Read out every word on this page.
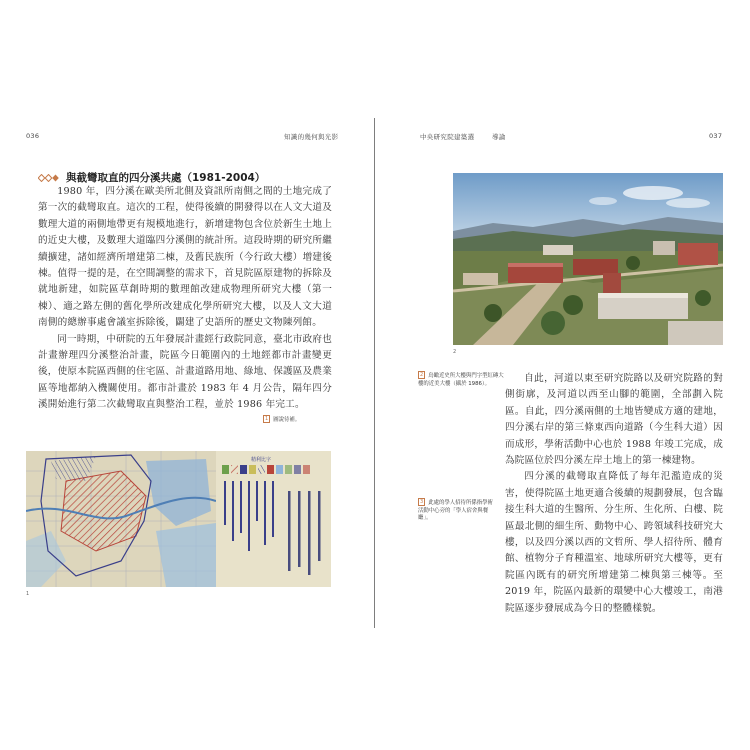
036	知識的幾何與光影
與截彎取直的四分溪共處（1981-2004）

1980 年，四分溪在歐美所北側及資訊所南側之間的土地完成了第一次的截彎取直。這次的工程，使得後續的開發得以在人文大道及數理大道的兩側地帶更有規模地進行，新增建物包含位於新生土地上的近史大樓，及數理大道臨四分溪側的統計所。這段時期的研究所繼續擴建，諸如經濟所增建第二棟，及舊民族所（今行政大樓）增建後棟。值得一提的是，在空間調整的需求下，首見院區原建物的拆除及就地新建，如院區草創時期的數理館改建成物理所研究大樓（第一棟）、適之路左側的舊化學所改建成化學所研究大樓，以及人文大道南側的總辦事處會議室拆除後，闢建了史語所的歷史文物陳列館。

同一時期，中研院的五年發展計畫經行政院同意，臺北市政府也計畫辦理四分溪整治計畫，院區今日範圍內的土地經都市計畫變更後，使原本院區西側的住宅區、計畫道路用地、綠地、保護區及農業區等地都納入機關使用。都市計畫於 1983 年 4 月公告，隔年四分溪開始進行第二次截彎取直與整治工程，並於 1986 年完工。

1 圖說待補。
精利比字
1
中央研究院建築選	導論	037
2
2 鳥瞰近史所大樓與門字型紅磚大樓的近美大樓（攝於 1986）。
3 此處的學人招待所係指學術活動中心旁的「學人宿舍與餐廳」。

自此，河道以東至研究院路以及研究院路的對側街廓，及河道以西至山腳的範圍，全部劃入院區。自此，四分溪兩側的土地皆變成方適的建地，四分溪右岸的第三條東西向道路（今生科大道）因而成形，學術活動中心也於 1988 年竣工完成，成為院區位於四分溪左岸土地上的第一棟建物。

四分溪的截彎取直降低了每年氾濫造成的災害，使得院區土地更適合後續的規劃發展，包含臨接生科大道的生醫所、分生所、生化所、白樓、院區最北側的細生所、動物中心、跨領域科技研究大樓，以及四分溪以西的文哲所、學人招待所、體育館、植物分子育種溫室、地球所研究大樓等，更有院區內既有的研究所增建第二棟與第三棟等。至 2019 年，院區內最新的環變中心大樓竣工，南港院區逐步發展成為今日的整體樣貌。
